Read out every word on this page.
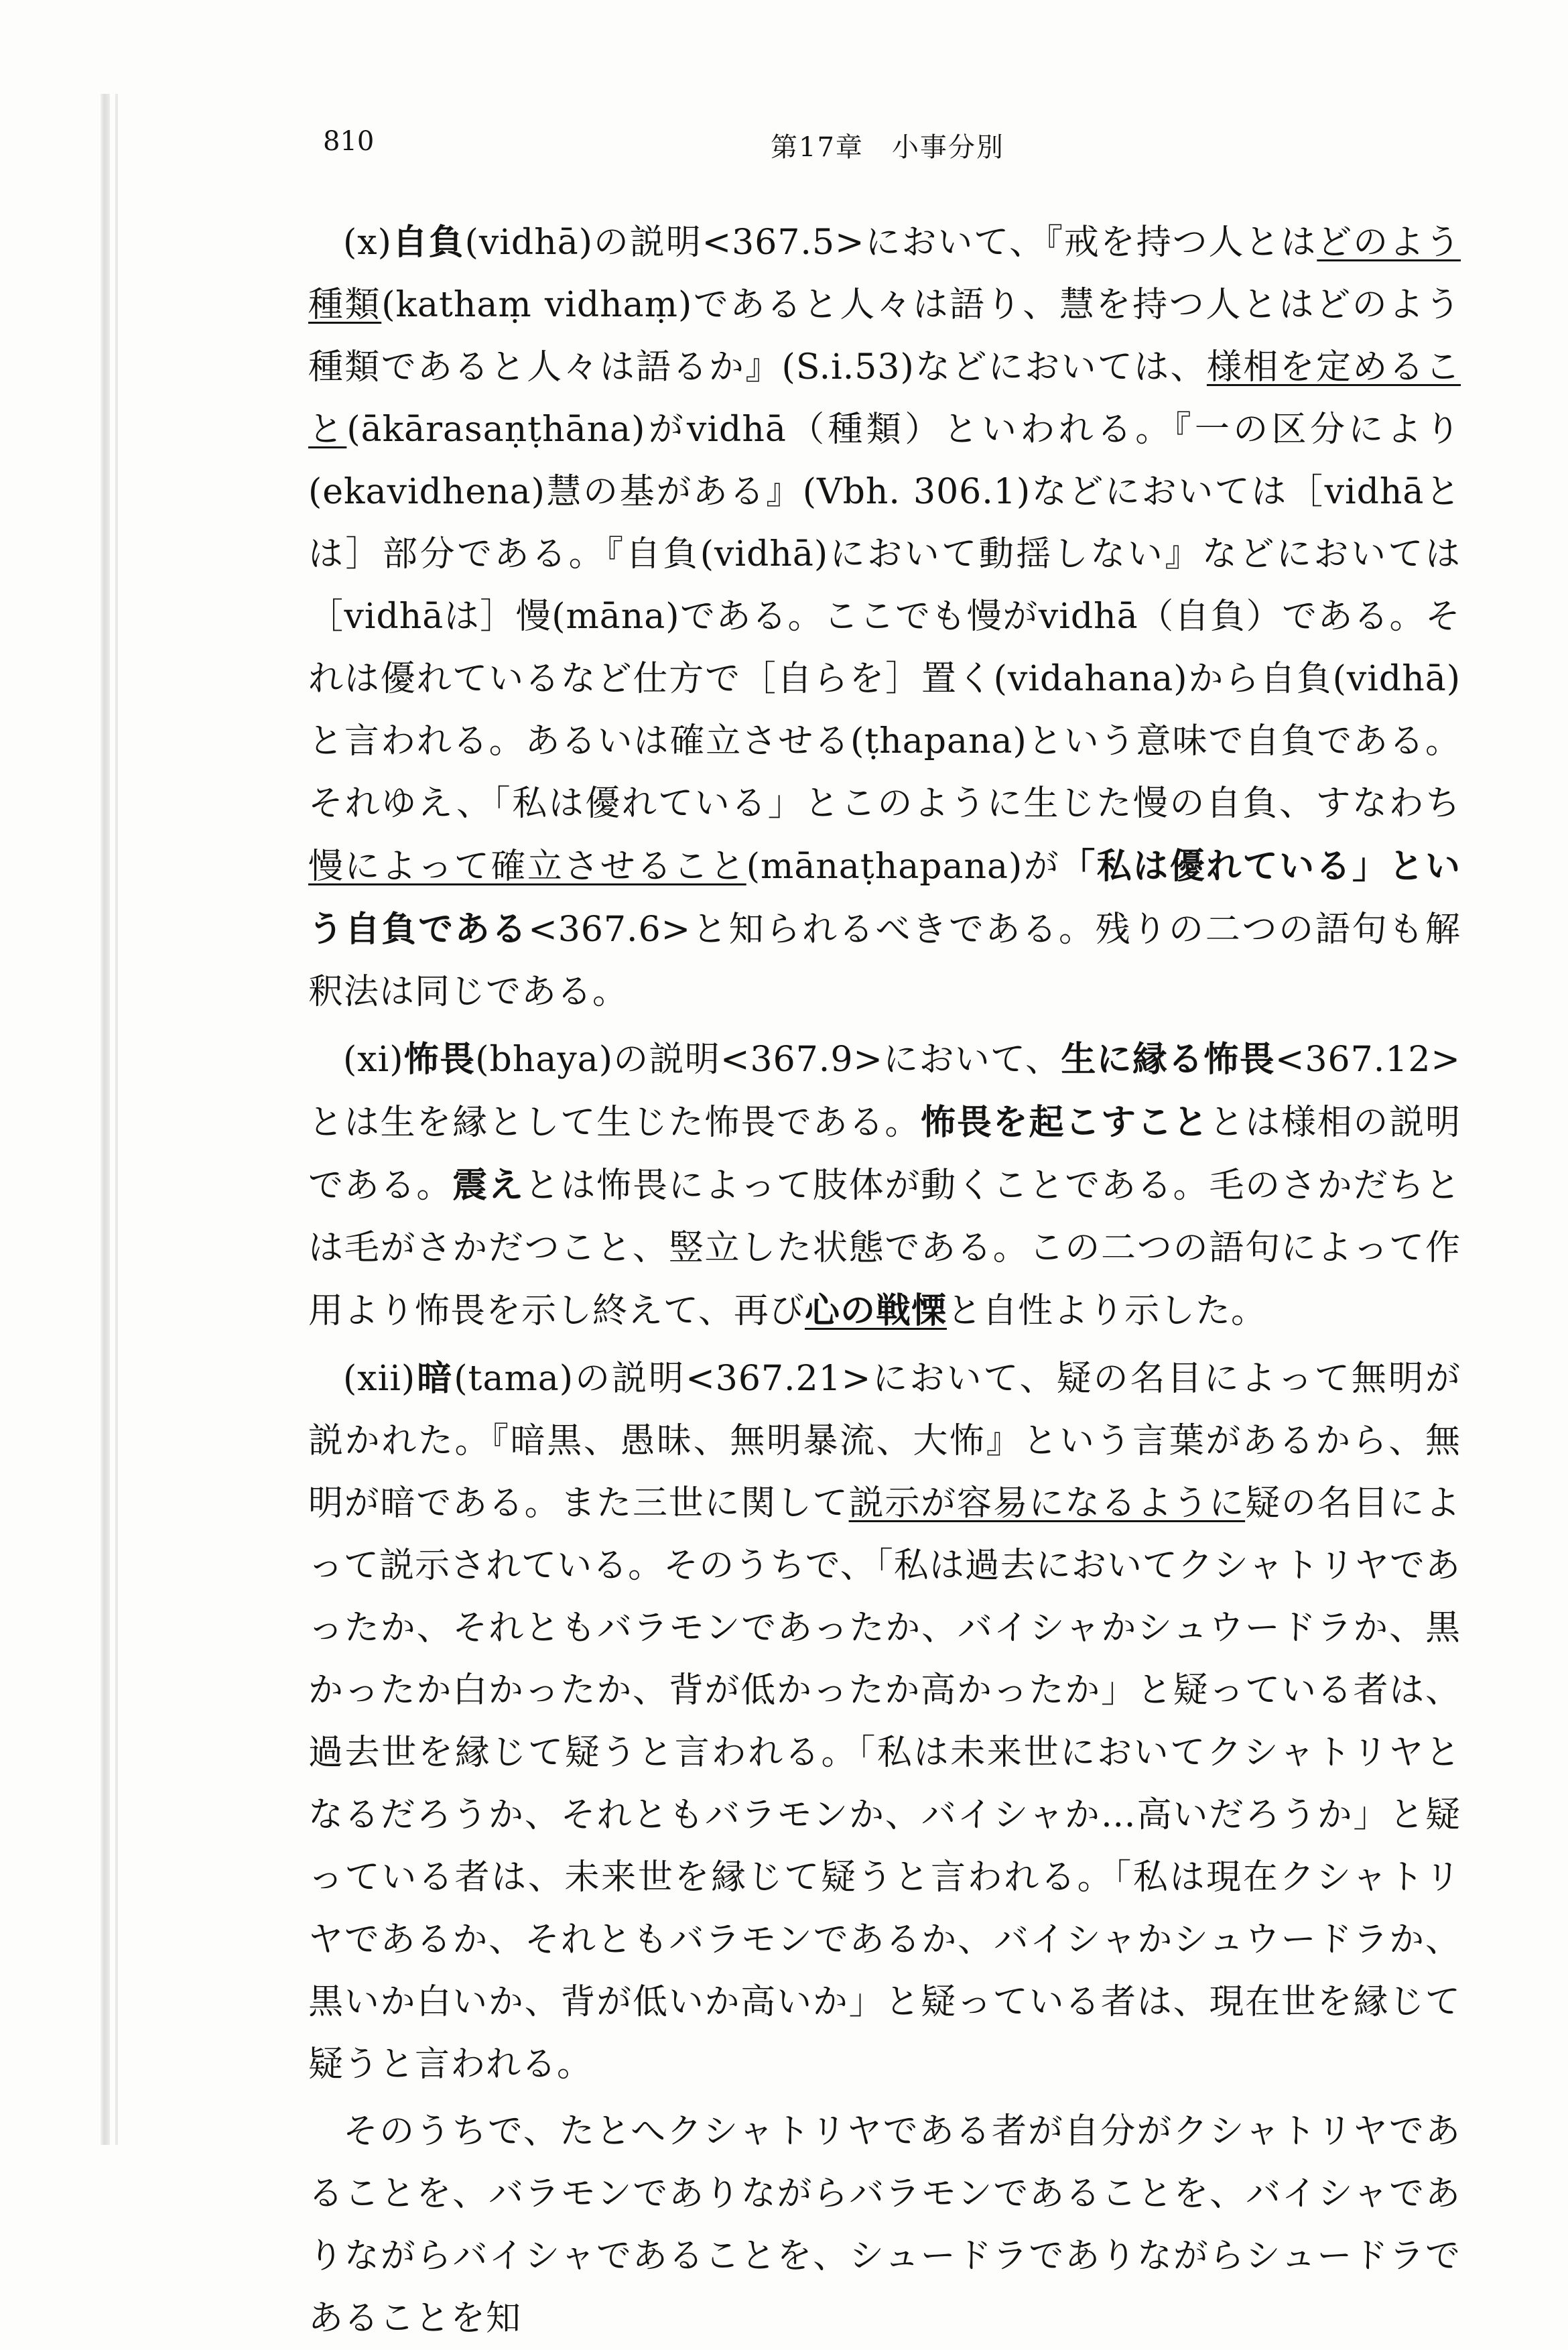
810	第17章　小事分別

(x)自負(vidhā)の説明<367.5>において、『戒を持つ人とはどのよう種類(kathaṃ vidhaṃ)であると人々は語り、慧を持つ人とはどのよう種類であると人々は語るか』(S.i.53)などにおいては、様相を定めること(ākārasaṇṭhāna)がvidhā（種類）といわれる。『一の区分により(ekavidhena)慧の基がある』(Vbh. 306.1)などにおいては［vidhāとは］部分である。『自負(vidhā)において動揺しない』などにおいては［vidhāは］慢(māna)である。ここでも慢がvidhā（自負）である。それは優れているなど仕方で［自らを］置く(vidahana)から自負(vidhā) と言われる。あるいは確立させる(ṭhapana)という意味で自負である。それゆえ、「私は優れている」とこのように生じた慢の自負、すなわち慢によって確立させること(mānaṭhapana)が「私は優れている」という自負である<367.6>と知られるべきである。残りの二つの語句も解釈法は同じである。

(xi)怖畏(bhaya)の説明<367.9>において、生に縁る怖畏<367.12>とは生を縁として生じた怖畏である。怖畏を起こすこととは様相の説明である。震えとは怖畏によって肢体が動くことである。毛のさかだちとは毛がさかだつこと、竪立した状態である。この二つの語句によって作用より怖畏を示し終えて、再び心の戦慄と自性より示した。

(xii)暗(tama)の説明<367.21>において、疑の名目によって無明が説かれた。『暗黒、愚昧、無明暴流、大怖』という言葉があるから、無明が暗である。また三世に関して説示が容易になるように疑の名目によって説示されている。そのうちで、「私は過去においてクシャトリヤであったか、それともバラモンであったか、バイシャかシュウードラか、黒かったか白かったか、背が低かったか高かったか」と疑っている者は、過去世を縁じて疑うと言われる。「私は未来世においてクシャトリヤとなるだろうか、それともバラモンか、バイシャか…高いだろうか」と疑っている者は、未来世を縁じて疑うと言われる。「私は現在クシャトリヤであるか、それともバラモンであるか、バイシャかシュウードラか、黒いか白いか、背が低いか高いか」と疑っている者は、現在世を縁じて疑うと言われる。

そのうちで、たとへクシャトリヤである者が自分がクシャトリヤであることを、バラモンでありながらバラモンであることを、バイシャでありながらバイシャであることを、シュードラでありながらシュードラであることを知
